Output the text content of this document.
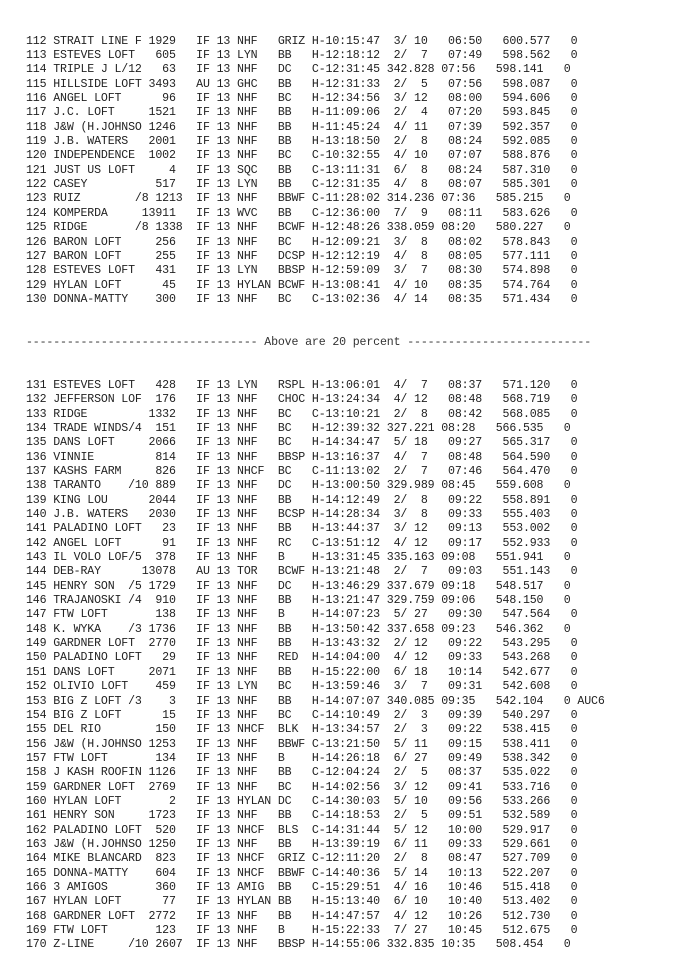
112 STRAIT LINE F 1929   IF 13 NHF   GRIZ H-10:15:47  3/ 10   06:50   600.577   0
113 ESTEVES LOFT   605   IF 13 LYN   BB   H-12:18:12  2/  7   07:49   598.562   0
114 TRIPLE J L/12   63   IF 13 NHF   DC   C-12:31:45 342.828 07:56   598.141   0
115 HILLSIDE LOFT 3493   AU 13 GHC   BB   H-12:31:33  2/  5   07:56   598.087   0
116 ANGEL LOFT      96   IF 13 NHF   BC   H-12:34:56  3/ 12   08:00   594.606   0
117 J.C. LOFT     1521   IF 13 NHF   BB   H-11:09:06  2/  4   07:20   593.845   0
118 J&W (H.JOHNSO 1246   IF 13 NHF   BB   H-11:45:24  4/ 11   07:39   592.357   0
119 J.B. WATERS   2001   IF 13 NHF   BB   H-13:18:50  2/  8   08:24   592.085   0
120 INDEPENDENCE  1002   IF 13 NHF   BC   C-10:32:55  4/ 10   07:07   588.876   0
121 JUST US LOFT     4   IF 13 SQC   BB   C-13:11:31  6/  8   08:24   587.310   0
122 CASEY          517   IF 13 LYN   BB   C-12:31:35  4/  8   08:07   585.301   0
123 RUIZ        /8 1213  IF 13 NHF   BBWF C-11:28:02 314.236 07:36   585.215   0
124 KOMPERDA     13911   IF 13 WVC   BB   C-12:36:00  7/  9   08:11   583.626   0
125 RIDGE       /8 1338  IF 13 NHF   BCWF H-12:48:26 338.059 08:20   580.227   0
126 BARON LOFT     256   IF 13 NHF   BC   H-12:09:21  3/  8   08:02   578.843   0
127 BARON LOFT     255   IF 13 NHF   DCSP H-12:12:19  4/  8   08:05   577.111   0
128 ESTEVES LOFT   431   IF 13 LYN   BBSP H-12:59:09  3/  7   08:30   574.898   0
129 HYLAN LOFT      45   IF 13 HYLAN BCWF H-13:08:41  4/ 10   08:35   574.764   0
130 DONNA-MATTY    300   IF 13 NHF   BC   C-13:02:36  4/ 14   08:35   571.434   0

---------------------------------- Above are 20 percent ---------------------------

131 ESTEVES LOFT   428   IF 13 LYN   RSPL H-13:06:01  4/  7   08:37   571.120   0
132 JEFFERSON LOF  176   IF 13 NHF   CHOC H-13:24:34  4/ 12   08:48   568.719   0
133 RIDGE         1332   IF 13 NHF   BC   C-13:10:21  2/  8   08:42   568.085   0
134 TRADE WINDS/4  151   IF 13 NHF   BC   H-12:39:32 327.221 08:28   566.535   0
135 DANS LOFT     2066   IF 13 NHF   BC   H-14:34:47  5/ 18   09:27   565.317   0
136 VINNIE         814   IF 13 NHF   BBSP H-13:16:37  4/  7   08:48   564.590   0
137 KASHS FARM     826   IF 13 NHCF  BC   C-11:13:02  2/  7   07:46   564.470   0
138 TARANTO    /10 889   IF 13 NHF   DC   H-13:00:50 329.989 08:45   559.608   0
139 KING LOU      2044   IF 13 NHF   BB   H-14:12:49  2/  8   09:22   558.891   0
140 J.B. WATERS   2030   IF 13 NHF   BCSP H-14:28:34  3/  8   09:33   555.403   0
141 PALADINO LOFT   23   IF 13 NHF   BB   H-13:44:37  3/ 12   09:13   553.002   0
142 ANGEL LOFT      91   IF 13 NHF   RC   C-13:51:12  4/ 12   09:17   552.933   0
143 IL VOLO LOF/5  378   IF 13 NHF   B    H-13:31:45 335.163 09:08   551.941   0
144 DEB-RAY      13078   AU 13 TOR   BCWF H-13:21:48  2/  7   09:03   551.143   0
145 HENRY SON  /5 1729   IF 13 NHF   DC   H-13:46:29 337.679 09:18   548.517   0
146 TRAJANOSKI /4  910   IF 13 NHF   BB   H-13:21:47 329.759 09:06   548.150   0
147 FTW LOFT       138   IF 13 NHF   B    H-14:07:23  5/ 27   09:30   547.564   0
148 K. WYKA    /3 1736   IF 13 NHF   BB   H-13:50:42 337.658 09:23   546.362   0
149 GARDNER LOFT  2770   IF 13 NHF   BB   H-13:43:32  2/ 12   09:22   543.295   0
150 PALADINO LOFT   29   IF 13 NHF   RED  H-14:04:00  4/ 12   09:33   543.268   0
151 DANS LOFT     2071   IF 13 NHF   BB   H-15:22:00  6/ 18   10:14   542.677   0
152 OLIVIO LOFT    459   IF 13 LYN   BC   H-13:59:46  3/  7   09:31   542.608   0
153 BIG Z LOFT /3    3   IF 13 NHF   BB   H-14:07:07 340.085 09:35   542.104   0 AUC6
154 BIG Z LOFT      15   IF 13 NHF   BC   C-14:10:49  2/  3   09:39   540.297   0
155 DEL RIO        150   IF 13 NHCF  BLK  H-13:34:57  2/  3   09:22   538.415   0
156 J&W (H.JOHNSO 1253   IF 13 NHF   BBWF C-13:21:50  5/ 11   09:15   538.411   0
157 FTW LOFT       134   IF 13 NHF   B    H-14:26:18  6/ 27   09:49   538.342   0
158 J KASH ROOFIN 1126   IF 13 NHF   BB   C-12:04:24  2/  5   08:37   535.022   0
159 GARDNER LOFT  2769   IF 13 NHF   BC   H-14:02:56  3/ 12   09:41   533.716   0
160 HYLAN LOFT       2   IF 13 HYLAN DC   C-14:30:03  5/ 10   09:56   533.266   0
161 HENRY SON     1723   IF 13 NHF   BB   C-14:18:53  2/  5   09:51   532.589   0
162 PALADINO LOFT  520   IF 13 NHCF  BLS  C-14:31:44  5/ 12   10:00   529.917   0
163 J&W (H.JOHNSO 1250   IF 13 NHF   BB   H-13:39:19  6/ 11   09:33   529.661   0
164 MIKE BLANCARD  823   IF 13 NHCF  GRIZ C-12:11:20  2/  8   08:47   527.709   0
165 DONNA-MATTY    604   IF 13 NHCF  BBWF C-14:40:36  5/ 14   10:13   522.207   0
166 3 AMIGOS       360   IF 13 AMIG  BB   C-15:29:51  4/ 16   10:46   515.418   0
167 HYLAN LOFT      77   IF 13 HYLAN BB   H-15:13:40  6/ 10   10:40   513.402   0
168 GARDNER LOFT  2772   IF 13 NHF   BB   H-14:47:57  4/ 12   10:26   512.730   0
169 FTW LOFT       123   IF 13 NHF   B    H-15:22:33  7/ 27   10:45   512.675   0
170 Z-LINE     /10 2607  IF 13 NHF   BBSP H-14:55:06 332.835 10:35   508.454   0
